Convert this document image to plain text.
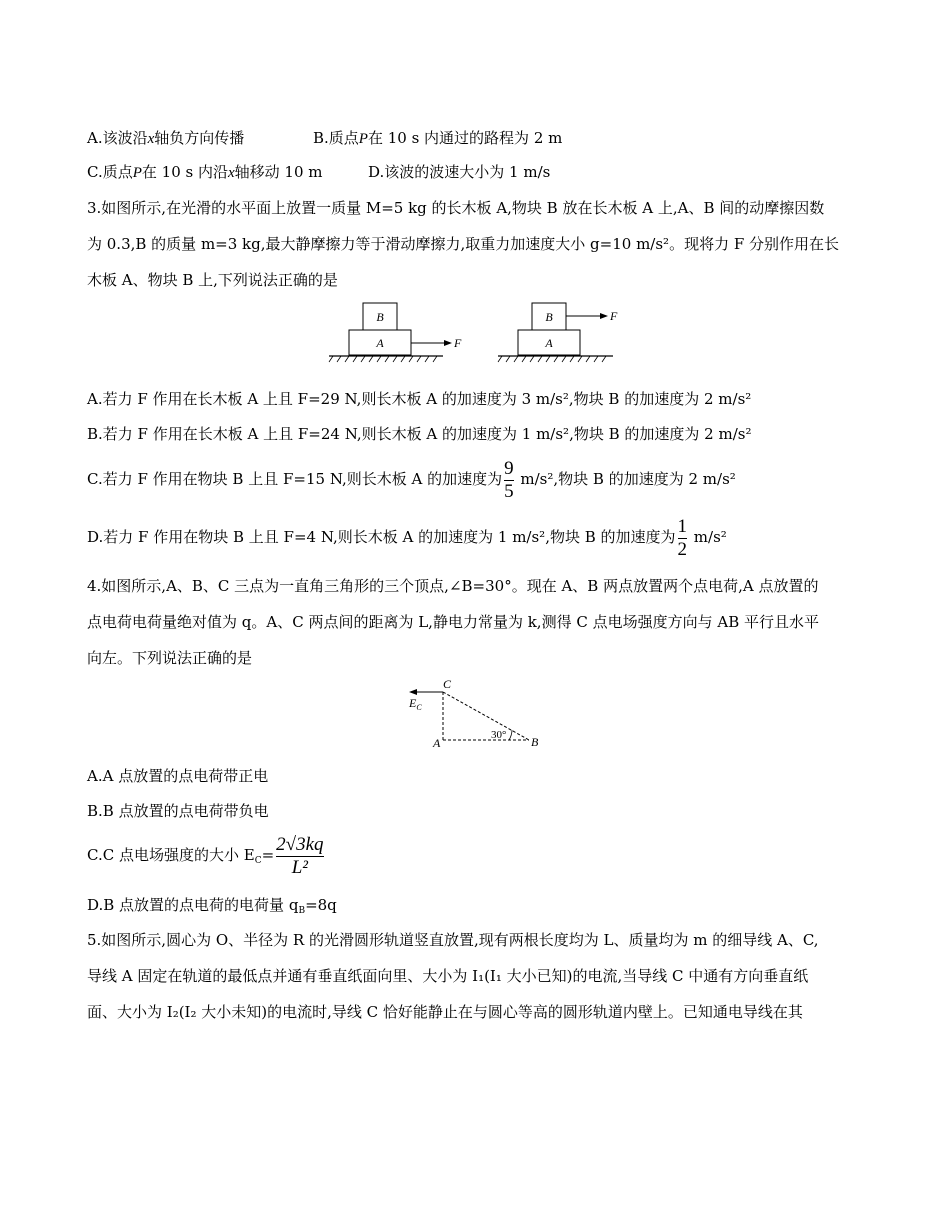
A.该波沿x轴负方向传播	B.质点P在 10 s 内通过的路程为 2 m
C.质点P在 10 s 内沿x轴移动 10 m	D.该波的波速大小为 1 m/s
3.如图所示,在光滑的水平面上放置一质量 M=5 kg 的长木板 A,物块 B 放在长木板 A 上,A、B 间的动摩擦因数
为 0.3,B 的质量 m=3 kg,最大静摩擦力等于滑动摩擦力,取重力加速度大小 g=10 m/s²。现将力 F 分别作用在长
木板 A、物块 B 上,下列说法正确的是
B
A	F
B
A
F
A.若力 F 作用在长木板 A 上且 F=29 N,则长木板 A 的加速度为 3 m/s²,物块 B 的加速度为 2 m/s²
B.若力 F 作用在长木板 A 上且 F=24 N,则长木板 A 的加速度为 1 m/s²,物块 B 的加速度为 2 m/s²
C.若力 F 作用在物块 B 上且 F=15 N,则长木板 A 的加速度为 $\frac{9}{5} m/s^2$,物块 B 的加速度为 2 m/s²
D.若力 F 作用在物块 B 上且 F=4 N,则长木板 A 的加速度为 1 m/s²,物块 B 的加速度为 $\frac{1}{2} m/s^2$
4.如图所示,A、B、C 三点为一直角三角形的三个顶点,∠B=30°。现在 A、B 两点放置两个点电荷,A 点放置的
点电荷电荷量绝对值为 q。A、C 两点间的距离为 L,静电力常量为 k,测得 C 点电场强度方向与 AB 平行且水平
向左。下列说法正确的是
C
A	B
$E_C$
30°
A.A 点放置的点电荷带正电
B.B 点放置的点电荷带负电
C.C 点电场强度的大小 $E_C= \frac{2√3kq}{\text{L²}}$
D.B 点放置的点电荷的电荷量 $q_B=8q$
5.如图所示,圆心为 O、半径为 R 的光滑圆形轨道竖直放置,现有两根长度均为 L、质量均为 m 的细导线 A、C,
导线 A 固定在轨道的最低点并通有垂直纸面向里、大小为 I₁(I₁ 大小已知)的电流,当导线 C 中通有方向垂直纸
面、大小为 I₂(I₂ 大小未知)的电流时,导线 C 恰好能静止在与圆心等高的圆形轨道内壁上。已知通电导线在其
